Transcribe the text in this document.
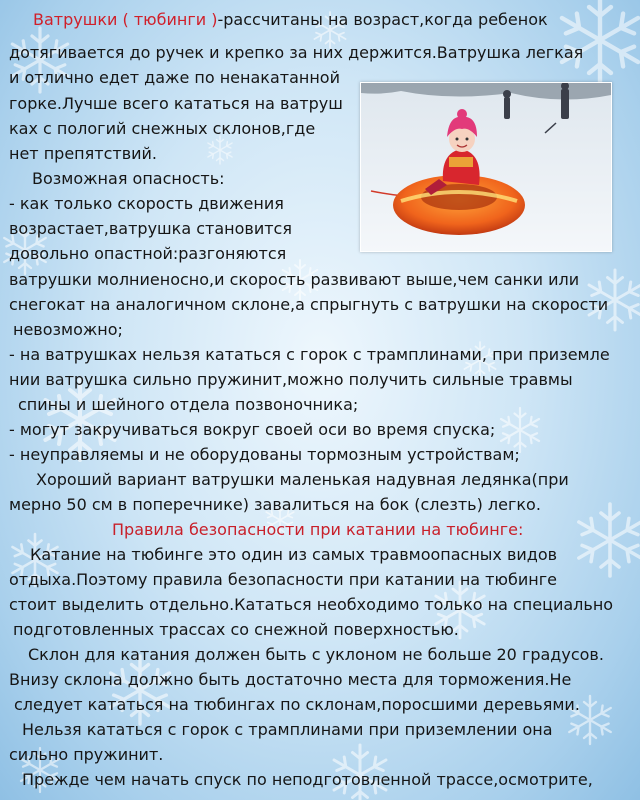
Ватрушки ( тюбинги )-рассчитаны на возраст,когда ребенок
дотягивается до ручек и крепко за них держится.Ватрушка легкая
и отлично едет даже по ненакатанной
горке.Лучше всего кататься на ватруш
ках с пологий снежных склонов,где
нет препятствий.
Возможная опасность:
- как только скорость движения
возрастает,ватрушка становится
довольно опастной:разгоняются
ватрушки молниеносно,и скорость развивают выше,чем санки или
снегокат на аналогичном склоне,а спрыгнуть с ватрушки на скорости
невозможно;
- на ватрушках нельзя кататься с горок с трамплинами, при приземле
нии ватрушка сильно пружинит,можно получить сильные травмы
спины и шейного отдела позвоночника;
- могут закручиваться вокруг своей оси во время спуска;
- неуправляемы и не оборудованы тормозным устройствам;
Хороший вариант ватрушки маленькая надувная ледянка(при
мерно 50 см в поперечнике) завалиться на бок (слезть) легко.
Правила безопасности при катании на тюбинге:
Катание на тюбинге это один из самых травмоопасных видов
отдыха.Поэтому правила безопасности при катании на тюбинге
стоит выделить отдельно.Кататься необходимо только на специально
подготовленных трассах со снежной поверхностью.
Склон для катания должен быть с уклоном не больше 20 градусов.
Внизу склона должно быть достаточно места для торможения.Не
следует кататься на тюбингах по склонам,поросшими деревьями.
Нельзя кататься с горок с трамплинами при приземлении она
сильно пружинит.
Прежде чем начать спуск по неподготовленной трассе,осмотрите,
